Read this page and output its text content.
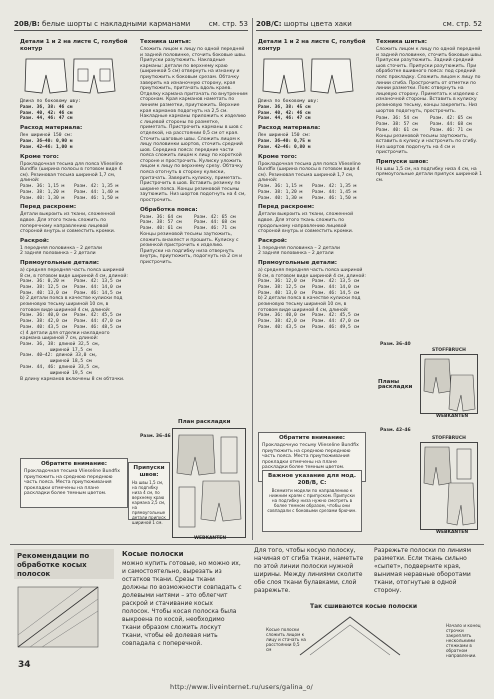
20В/В: белые шорты с накладными карманами	см. стр. 53 20В/С: шорты цвета хаки	см. стр. 52
Детали 1 и 2 на листе С, голубой контур
Длина по боковому шву:
Разм. 36, 38: 46 см
Разм. 40, 42: 46 см
Разм. 44, 46: 47 см
Расход материала:
Лен шириной 150 см:
Разм. 36–40: 0,90 м
Разм. 42–46: 1,00 м
Кроме того:

Прокладочная тесьма для пояса Vlieseline Bundfix (ширина полосы в готовом виде 4 см). Резиновая тесьма шириной 1,7 см, длиной:

Разм. 36: 1,15 м	Разм. 42: 1,35 м
Разм. 38: 1,20 м	Разм. 44: 1,40 м
Разм. 40: 1,30 м	Разм. 46: 1,50 м
Перед раскроем:

Детали выкроить из ткани, сложенной вдвое. Для этого ткань сложить по поперечному направлению лицевой стороной внутрь и совместить кромки.

Раскрой:

1 передняя половинка – 2 детали

2 задняя половинка – 2 детали

Прямоугольные детали:

а) средняя передняя часть пояса шириной 8 см, в готовом виде шириной 4 см, длиной:

Разм. 36: 0,20 м	Разм. 42: 13,5 см
Разм. 38: 12,5 см	Разм. 44: 14,0 см
Разм. 40: 13,0 см	Разм. 46: 14,5 см

b) 2 детали пояса в качестве кулиски под резиновую тесьму шириной 10 см, в готовом виде шириной 4 см, длиной:

Разм. 36: 40,0 см	Разм. 42: 45,5 см
Разм. 38: 42,0 см	Разм. 44: 47,0 см
Разм. 40: 43,5 см	Разм. 46: 48,5 см

c) 4 детали для отделки накладного кармана шириной 7 см, длиной:

Разм. 36, 38: длиной 32,5 см,
шириной 17,5 см
Разм. 40–42: длиной 33,0 см,
шириной 18,5 см
Разм. 44, 46: длиной 33,5 см,
шириной 19,5 см

В длину карманов включены 8 см обтачки.

Обратите внимание:

Прокладочная тесьма Vlieseline Bundfix приутюжить на среднюю переднюю часть пояса. Места приутюживания прокладки отмечены на плане раскладки более темным цветом.

Техника шитья:

Сложить лицом к лицу по одной передней и задней половинке, сточить боковые швы. Припуски разутюжить. Накладные карманы: детали по верхнему краю (ширинкой 5 см) отвернуть на изнанку и приутюжить к боковым срезам. Обтачку заверить на изнаночную сторону, края приутюжить, притачать вдоль краев. Отделку кармана притачать по внутренним сторонам. Края карманов наметать по линиям разметки, приутюжить. Верхние края карманов подогнуть на 2,5 см. Накладные карманы приложить к изделию с лицевой стороны по разметке, приметать. Пристрочить карманы в шов с отделкой, на расстоянии 0,5 см от края. Сточить шаговые швы. Сложить лицом к лицу половинки шортов, сточить средний шов. Середина пояса: передние части пояса сложить лицом к лицу по короткой стороне и прострочить. Кулиску уложить лицом к лицу по верхнему срезу. Обтачку пояса отогнуть в сторону кулиски, притачать. Заверить кулиску, приметать. Пристрочить в шов. Вставить резинку по ширине пояса. Концы резиновой тесьмы заутюжить. Низ шортов подогнуть на 4 см, прострочить.

Обработка пояса:
Разм. 36: 64 см	Разм. 42: 65 см
Разм. 38: 57 см	Разм. 44: 68 см
Разм. 40: 61 см	Разм. 46: 71 см

Концы резиновой тесьмы заутюжить, сложить внахлест и прошить. Кулиску с резинкой пристрочить к изделию. Припуски на подгибку низа отвернуть внутрь, приутюжить, подогнуть на 2 см и пристрочить.

План раскладки
Разм. 36–46
WEBKANTEN
Припуски швов:

На швы 1,5 см, на подгибку низа 4 см, по верхнему краю кармана 2,5 см, на прямоугольные детали припуск шириной 1 см.

Детали 1 и 2 на листе С, голубой контур
Длина по боковому шву:
Разм. 36, 38: 45 см
Разм. 40, 42: 46 см
Разм. 44, 46: 47 см
Расход материала:
Лен шириной 150 см:
Разм. 36–40: 0,75 м
Разм. 42–46: 0,80 м
Кроме того:

Прокладочная тесьма для пояса Vlieseline Bundfix (ширина полосы в готовом виде 4 см). Резиновая тесьма шириной 1,7 см, длиной:

Разм. 36: 1,15 м	Разм. 42: 1,35 м
Разм. 38: 1,20 м	Разм. 44: 1,45 м
Разм. 40: 1,30 м	Разм. 46: 1,50 м
Перед раскроем:

Детали выкроить из ткани, сложенной вдвое. Для этого ткань сложить по продольному направлению лицевой стороной внутрь и совместить кромки.

Раскрой:

1 передняя половинка – 2 детали

2 задняя половинка – 2 детали

Прямоугольные детали:

а) средняя передняя часть пояса шириной 8 см, в готовом виде шириной 4 см, длиной:

Разм. 36: 12,0 см	Разм. 42: 13,5 см
Разм. 38: 12,5 см	Разм. 44: 14,0 см
Разм. 40: 13,0 см	Разм. 46: 14,5 см

b) 2 детали пояса в качестве кулиски под резиновую тесьму шириной 10 см, в готовом виде шириной 4 см, длиной:

Разм. 36: 40,0 см	Разм. 42: 45,5 см
Разм. 38: 42,0 см	Разм. 44: 47,0 см
Разм. 40: 43,5 см	Разм. 46: 49,5 см
Обратите внимание:

Прокладочную тесьму Vlieseline Bundfix приутюжить на среднюю переднюю часть пояса. Места приутюживания прокладки отмечены на плане раскладки более темным цветом.

Важное указание для мод. 20В/В, С:

Всемиэти модели по направлению к нижним краям с припуском. Припуски на подгибку низа нужно смотреть в более темном образом, чтобы они совпадали с боковыми срезами брючин.

Техника шитья:

Сложить лицом к лицу по одной передней и задней половинке, сточить боковые швы. Припуски разутюжить. Задний средний шов сточить. Припуски разутюжить. При обработке вшивного пояса: под средний пояс прокладку. Сложить лицом к лицу по линии сгиба. Прострочить от отметки по линии разметки. Пояс отвернуть на лицевую сторону. Приметать к изделию с изнаночной стороны. Вставить в кулиску резиновую тесьму, концы закрепить. Низ шортов подогнуть, прострочить.

Разм. 36: 54 см	Разм. 42: 65 см
Разм. 38: 57 см	Разм. 44: 68 см
Разм. 40: 61 см	Разм. 46: 71 см

Концы резиновой тесьмы заутюжить, вставить в кулису и настрочить по сгибу. Низ шортов подогнуть на 4 см и пристрочить.

Припуски швов:

На швы 1,5 см, на подгибку низа 4 см, на прямоугольные детали припуск шириной 1 см.

Разм. 36–40
STOFFBRUCH
Планы раскладки
WEBKANTEN
Разм. 42–46
STOFFBRUCH
WEBKANTEN
Рекомендации по обработке косых полосок
Косые полоски

можно купить готовые, но можно их, и самостоятельно, вырезать из остатков ткани. Срезы ткани должны по возможности совпадать с долевыми нитями – это облегчит раскрой и стачивание косых полосок. Чтобы косая полоска была выкроена по косой, необходимо ткани образом сложить лоскут ткани, чтобы её долевая нить совпадала с поперечной.

Для того, чтобы косую полоску, начиная от сгиба ткани, наметьте по этой линии полоски нужной ширины. Между линиями сколите обе слоя ткани булавками, слой разрежьте.

Разрежьте полоски по линиям разметки. Если ткань сильно «сыпет», подверните края, вынимая неравные оборотами ткани, отогнутые в одной сторону.

Так сшиваются косые полоски
Косые полоски сложить лицом к лицу и стачать на расстоянии 0,5 см
Начало и конец строчки закреплять несколькими стежками в обратном направлении.
34
http://www.liveinternet.ru/users/galina_o/
